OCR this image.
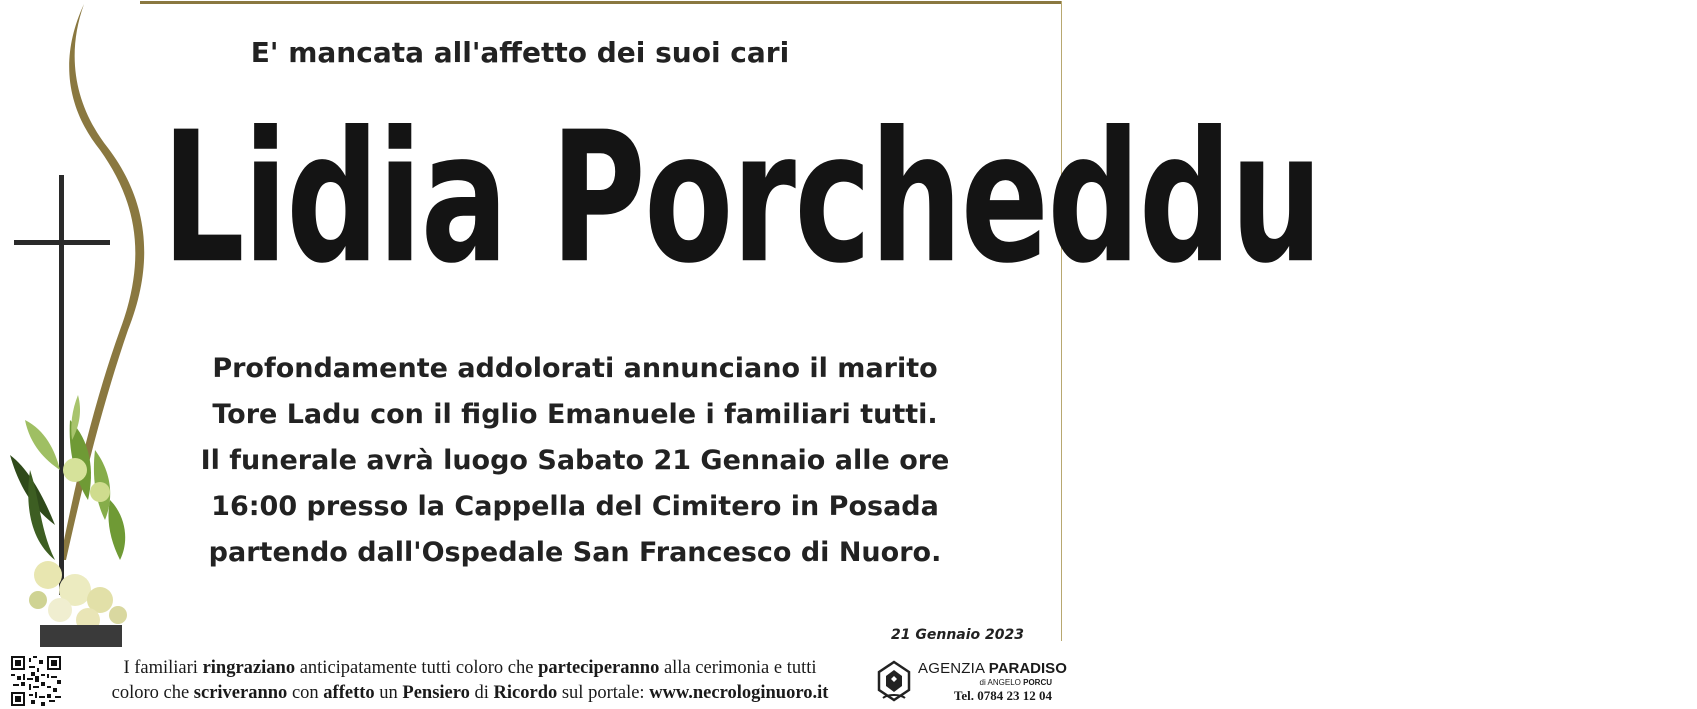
E' mancata all'affetto dei suoi cari
Lidia Porcheddu
Profondamente addolorati annunciano il marito
Tore Ladu con il figlio Emanuele i familiari tutti.
Il funerale avrà luogo Sabato 21 Gennaio alle ore
16:00 presso la Cappella del Cimitero in Posada
partendo dall'Ospedale San Francesco di Nuoro.
21 Gennaio 2023
I familiari ringraziano anticipatamente tutti coloro che parteciperanno alla cerimonia e tutti
coloro che scriveranno con affetto un Pensiero di Ricordo sul portale: www.necrologinuoro.it
AGENZIA PARADISO
di ANGELO PORCU
Tel. 0784 23 12 04
